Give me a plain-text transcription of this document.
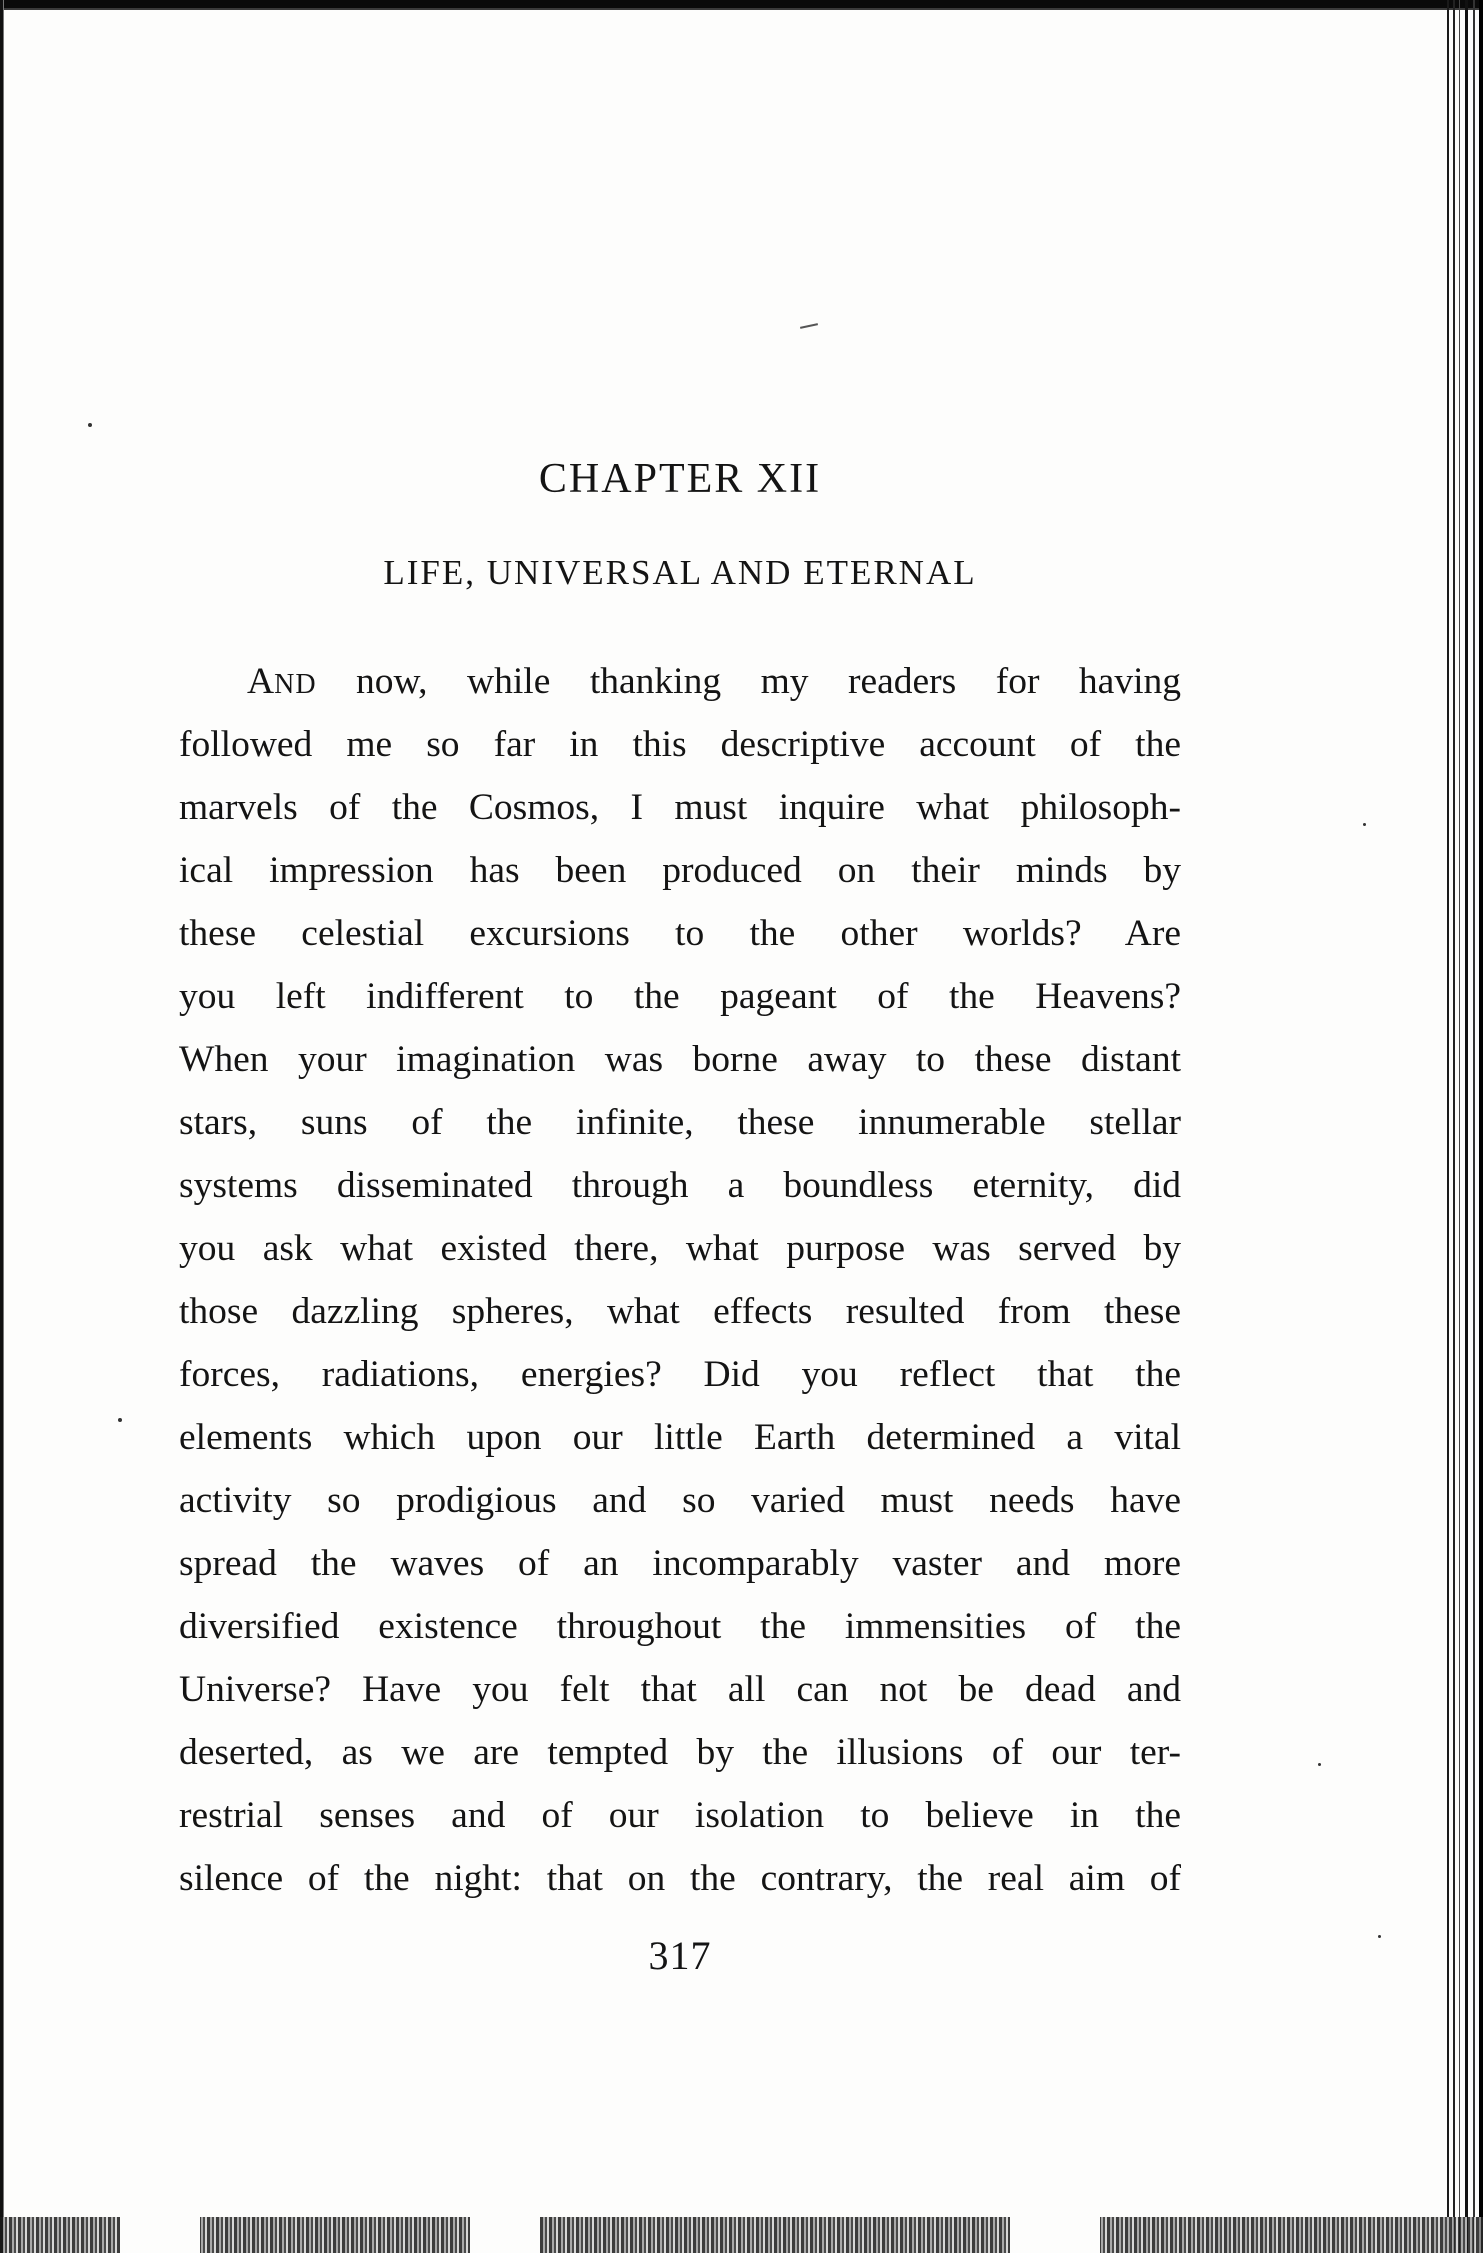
CHAPTER XII
LIFE, UNIVERSAL AND ETERNAL
AND now, while thanking my readers for having
followed me so far in this descriptive account of the
marvels of the Cosmos, I must inquire what philosoph-
ical impression has been produced on their minds by
these celestial excursions to the other worlds? Are
you left indifferent to the pageant of the Heavens?
When your imagination was borne away to these distant
stars, suns of the infinite, these innumerable stellar
systems disseminated through a boundless eternity, did
you ask what existed there, what purpose was served by
those dazzling spheres, what effects resulted from these
forces, radiations, energies? Did you reflect that the
elements which upon our little Earth determined a vital
activity so prodigious and so varied must needs have
spread the waves of an incomparably vaster and more
diversified existence throughout the immensities of the
Universe? Have you felt that all can not be dead and
deserted, as we are tempted by the illusions of our ter-
restrial senses and of our isolation to believe in the
silence of the night: that on the contrary, the real aim of
317
